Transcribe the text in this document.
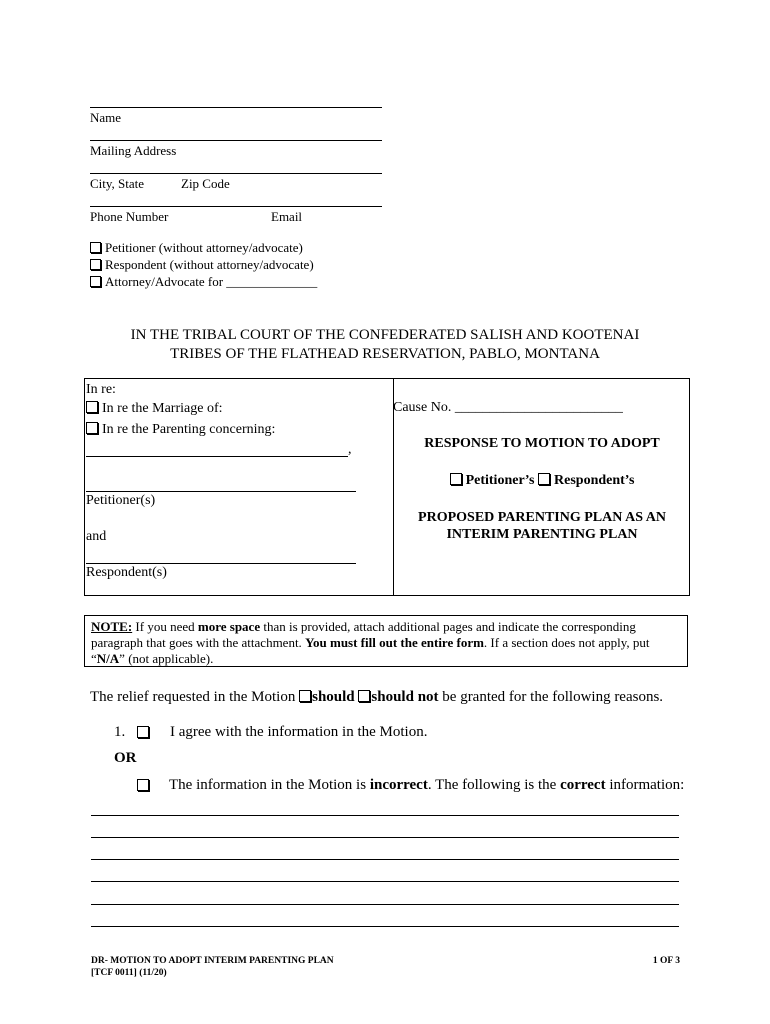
Name
Mailing Address
City, State	Zip Code
Phone Number	Email
Petitioner (without attorney/advocate)
Respondent (without attorney/advocate)
Attorney/Advocate for ______________
IN THE TRIBAL COURT OF THE CONFEDERATED SALISH AND KOOTENAI
TRIBES OF THE FLATHEAD RESERVATION, PABLO, MONTANA
In re:
In re the Marriage of:
In re the Parenting concerning:
,
Petitioner(s)
and
Respondent(s)
Cause No. ________________________
RESPONSE TO MOTION TO ADOPT
Petitioner’s Respondent’s
PROPOSED PARENTING PLAN AS AN
INTERIM PARENTING PLAN
NOTE: If you need more space than is provided, attach additional pages and indicate the corresponding paragraph that goes with the attachment. You must fill out the entire form. If a section does not apply, put “N/A” (not applicable).
The relief requested in the Motion should should not be granted for the following reasons.
1.	I agree with the information in the Motion.
OR
The information in the Motion is incorrect. The following is the correct information:
DR- MOTION TO ADOPT INTERIM PARENTING PLAN
[TCF 0011] (11/20)
1 OF 3
